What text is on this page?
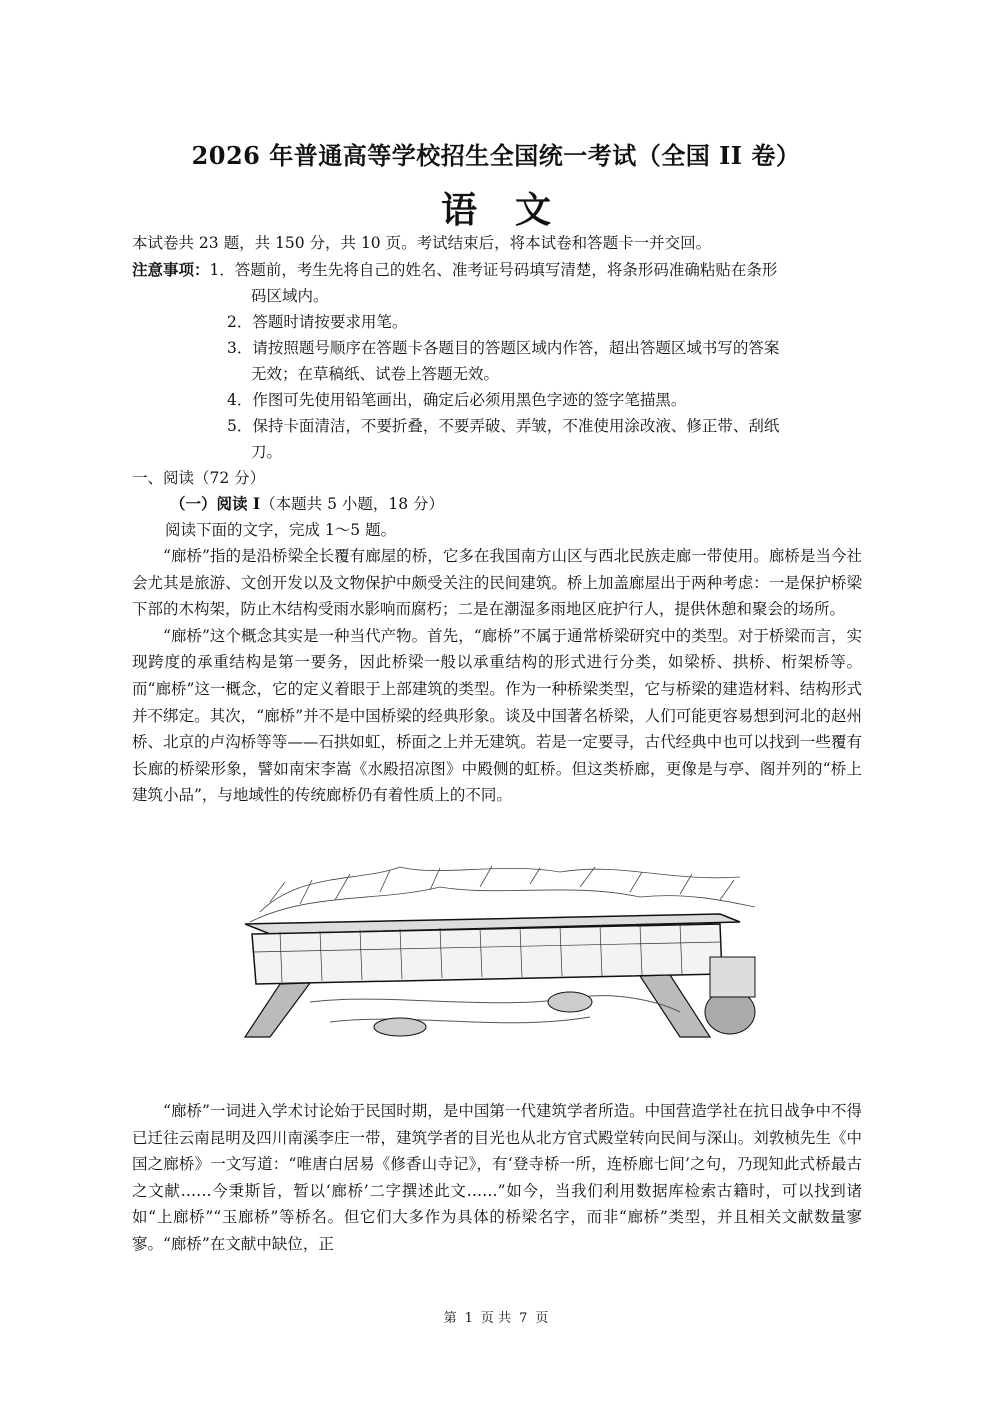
2026 年普通高等学校招生全国统一考试（全国 II 卷）
语文
本试卷共 23 题，共 150 分，共 10 页。考试结束后，将本试卷和答题卡一并交回。
注意事项：1．答题前，考生先将自己的姓名、准考证号码填写清楚，将条形码准确粘贴在条形
码区域内。
2．答题时请按要求用笔。
3．请按照题号顺序在答题卡各题目的答题区域内作答，超出答题区域书写的答案
无效；在草稿纸、试卷上答题无效。
4．作图可先使用铅笔画出，确定后必须用黑色字迹的签字笔描黑。
5．保持卡面清洁，不要折叠，不要弄破、弄皱，不准使用涂改液、修正带、刮纸
刀。
一、阅读（72 分）
（一）阅读 I（本题共 5 小题，18 分）
阅读下面的文字，完成 1～5 题。

“廊桥”指的是沿桥梁全长覆有廊屋的桥，它多在我国南方山区与西北民族走廊一带使用。廊桥是当今社会尤其是旅游、文创开发以及文物保护中颇受关注的民间建筑。桥上加盖廊屋出于两种考虑：一是保护桥梁下部的木构架，防止木结构受雨水影响而腐朽；二是在潮湿多雨地区庇护行人，提供休憩和聚会的场所。

“廊桥”这个概念其实是一种当代产物。首先，“廊桥”不属于通常桥梁研究中的类型。对于桥梁而言，实现跨度的承重结构是第一要务，因此桥梁一般以承重结构的形式进行分类，如梁桥、拱桥、桁架桥等。而“廊桥”这一概念，它的定义着眼于上部建筑的类型。作为一种桥梁类型，它与桥梁的建造材料、结构形式并不绑定。其次，“廊桥”并不是中国桥梁的经典形象。谈及中国著名桥梁，人们可能更容易想到河北的赵州桥、北京的卢沟桥等等——石拱如虹，桥面之上并无建筑。若是一定要寻，古代经典中也可以找到一些覆有长廊的桥梁形象，譬如南宋李嵩《水殿招凉图》中殿侧的虹桥。但这类桥廊，更像是与亭、阁并列的“桥上建筑小品”，与地域性的传统廊桥仍有着性质上的不同。

“廊桥”一词进入学术讨论始于民国时期，是中国第一代建筑学者所造。中国营造学社在抗日战争中不得已迁往云南昆明及四川南溪李庄一带，建筑学者的目光也从北方官式殿堂转向民间与深山。刘敦桢先生《中国之廊桥》一文写道：“唯唐白居易《修香山寺记》，有‘登寺桥一所，连桥廊七间’之句，乃现知此式桥最古之文献……今秉斯旨，暂以‘廊桥’二字撰述此文……”如今，当我们利用数据库检索古籍时，可以找到诸如“上廊桥”“玉廊桥”等桥名。但它们大多作为具体的桥梁名字，而非“廊桥”类型，并且相关文献数量寥寥。“廊桥”在文献中缺位，正

第 1 页 共 7 页
